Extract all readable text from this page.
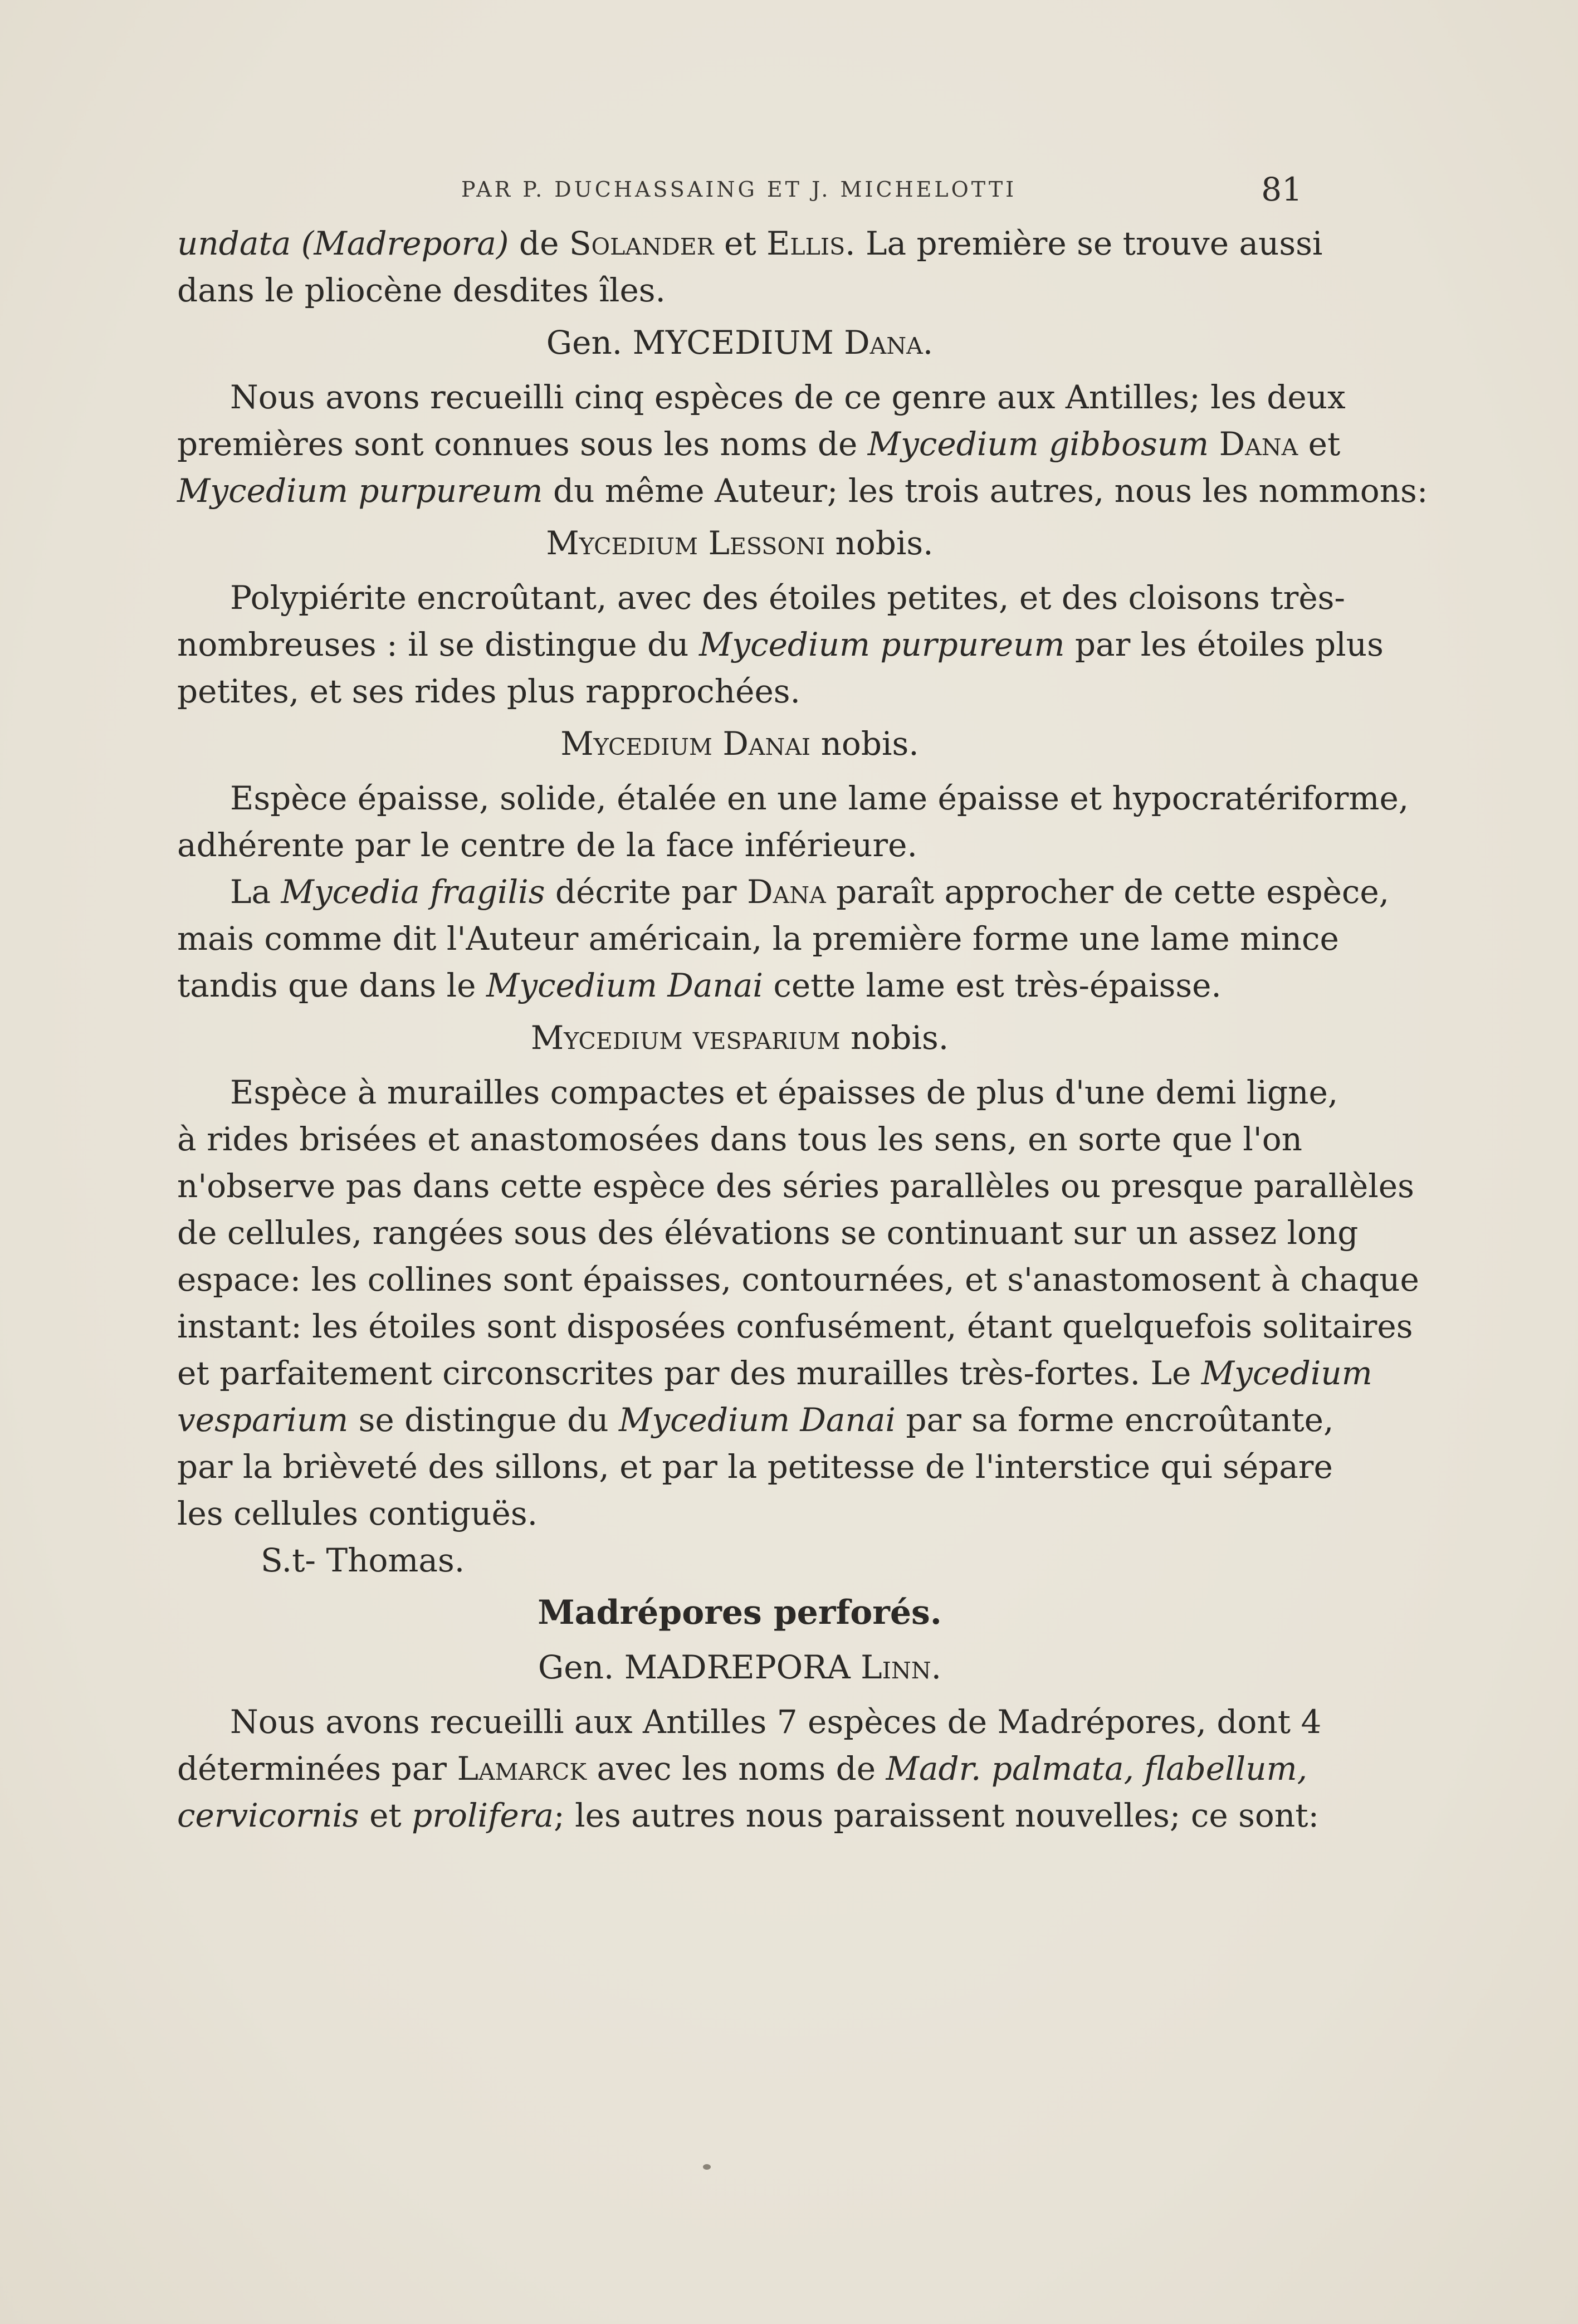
PAR P. DUCHASSAING ET J. MICHELOTTI	81
undata (Madrepora) de Solander et Ellis. La première se trouve aussi
dans le pliocène desdites îles.
Gen. MYCEDIUM Dana.
Nous avons recueilli cinq espèces de ce genre aux Antilles; les deux
premières sont connues sous les noms de Mycedium gibbosum Dana et
Mycedium purpureum du même Auteur; les trois autres, nous les nommons:
Mycedium Lessoni nobis.
Polypiérite encroûtant, avec des étoiles petites, et des cloisons très-
nombreuses : il se distingue du Mycedium purpureum par les étoiles plus
petites, et ses rides plus rapprochées.
Mycedium Danai nobis.
Espèce épaisse, solide, étalée en une lame épaisse et hypocratériforme,
adhérente par le centre de la face inférieure.
La Mycedia fragilis décrite par Dana paraît approcher de cette espèce,
mais comme dit l'Auteur américain, la première forme une lame mince
tandis que dans le Mycedium Danai cette lame est très-épaisse.
Mycedium vesparium nobis.
Espèce à murailles compactes et épaisses de plus d'une demi ligne,
à rides brisées et anastomosées dans tous les sens, en sorte que l'on
n'observe pas dans cette espèce des séries parallèles ou presque parallèles
de cellules, rangées sous des élévations se continuant sur un assez long
espace: les collines sont épaisses, contournées, et s'anastomosent à chaque
instant: les étoiles sont disposées confusément, étant quelquefois solitaires
et parfaitement circonscrites par des murailles très-fortes. Le Mycedium
vesparium se distingue du Mycedium Danai par sa forme encroûtante,
par la brièveté des sillons, et par la petitesse de l'interstice qui sépare
les cellules contiguës.
S.t- Thomas.
Madrépores perforés.
Gen. MADREPORA Linn.
Nous avons recueilli aux Antilles 7 espèces de Madrépores, dont 4
déterminées par Lamarck avec les noms de Madr. palmata, flabellum,
cervicornis et prolifera; les autres nous paraissent nouvelles; ce sont:
